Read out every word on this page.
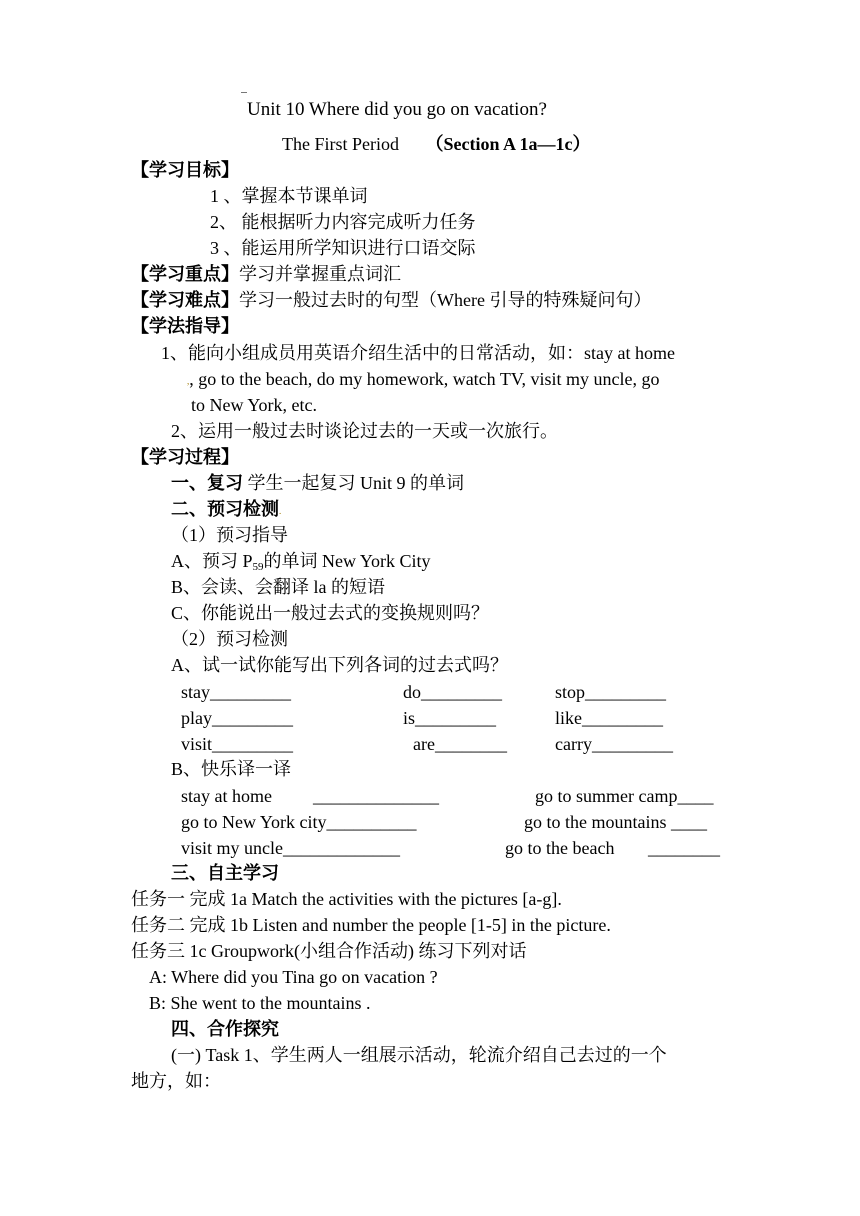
Unit 10 Where did you go on vacation?
The First Period （Section A 1a—1c）
【学习目标】
1 、掌握本节课单词
2、 能根据听力内容完成听力任务
3 、能运用所学知识进行口语交际
【学习重点】学习并掌握重点词汇
【学习难点】学习一般过去时的句型（Where 引导的特殊疑问句）
【学法指导】
1、能向小组成员用英语介绍生活中的日常活动，如：stay at home
,, go to the beach, do my homework, watch TV, visit my uncle, go
to New York, etc.
2、运用一般过去时谈论过去的一天或一次旅行。
【学习过程】
一、复习 学生一起复习 Unit 9 的单词
二、预习检测.
（1）预习指导
A、预习 $P_{59}$的单词 New York City
B、会读、会翻译 la 的短语
C、你能说出一般过去式的变换规则吗？
（2）预习检测
A、试一试你能写出下列各词的过去式吗？
stay_________	do_________	stop_________
play_________	is_________	like_________
visit_________	are________	carry_________
B、快乐译一译
stay at home ______________	go to summer camp____
go to New York city__________	go to the mountains ____
visit my uncle_____________	go to the beach ________
三、自主学习
任务一 完成 1a Match the activities with the pictures [a-g].
任务二 完成 1b Listen and number the people [1-5] in the picture.
任务三 1c Groupwork(小组合作活动) 练习下列对话
A: Where did you Tina go on vacation ?
B: She went to the mountains .
四、合作探究
(一) Task 1、学生两人一组展示活动，轮流介绍自己去过的一个
地方，如：
